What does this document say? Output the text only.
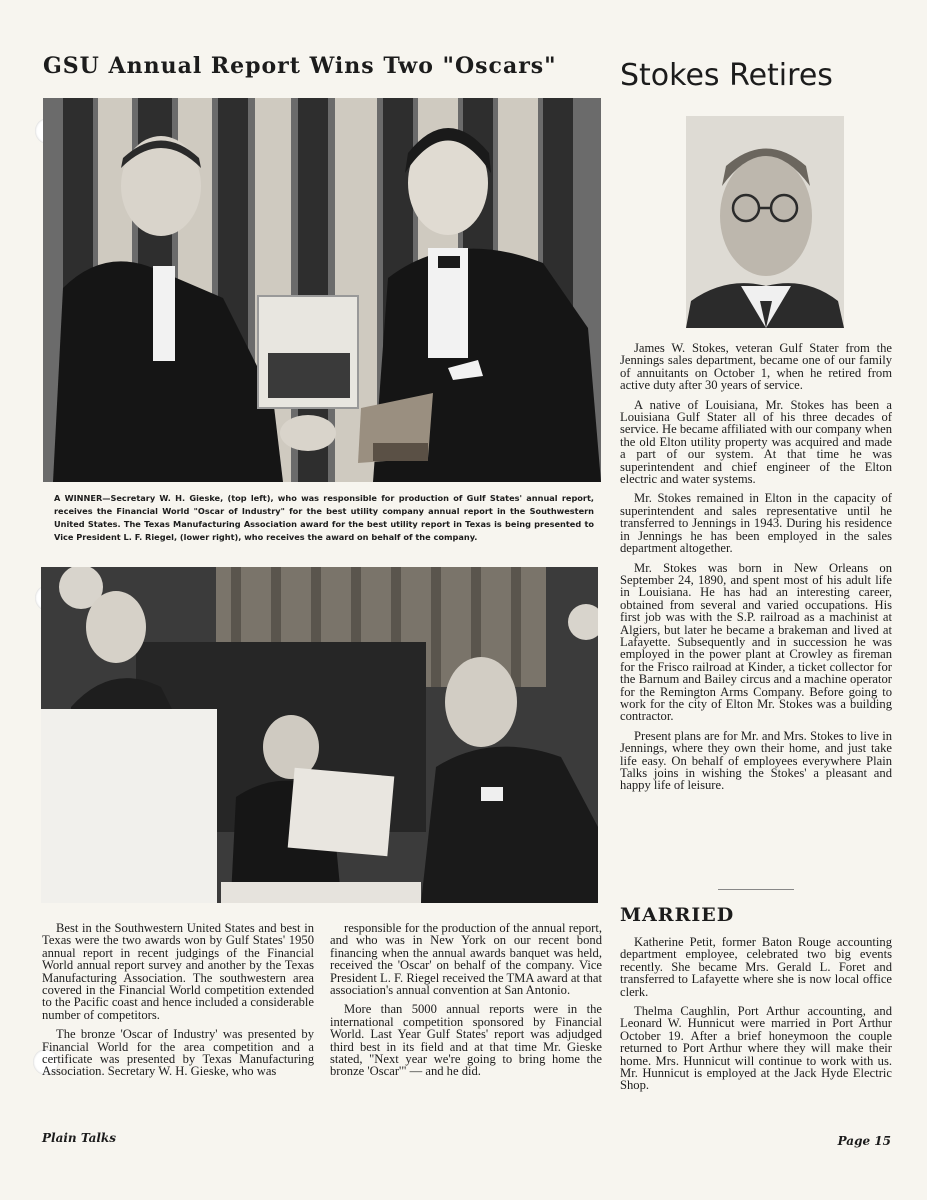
GSU Annual Report Wins Two "Oscars"	Stokes Retires

A WINNER—Secretary W. H. Gieske, (top left), who was responsible for production of Gulf States' annual report, receives the Financial World "Oscar of Industry" for the best utility company annual report in the Southwestern United States. The Texas Manufacturing Association award for the best utility report in Texas is being presented to Vice President L. F. Riegel, (lower right), who receives the award on behalf of the company.

Best in the Southwestern United States and best in Texas were the two awards won by Gulf States' 1950 annual report in recent judgings of the Financial World annual report survey and another by the Texas Manufacturing Association. The southwestern area covered in the Financial World competition extended to the Pacific coast and hence included a considerable number of competitors.

The bronze 'Oscar of Industry' was presented by Financial World for the area competition and a certificate was presented by Texas Manufacturing Association. Secretary W. H. Gieske, who was

responsible for the production of the annual report, and who was in New York on our recent bond financing when the annual awards banquet was held, received the 'Oscar' on behalf of the company. Vice President L. F. Riegel received the TMA award at that association's annual convention at San Antonio.

More than 5000 annual reports were in the international competition sponsored by Financial World. Last Year Gulf States' report was adjudged third best in its field and at that time Mr. Gieske stated, "Next year we're going to bring home the bronze 'Oscar'" — and he did.

James W. Stokes, veteran Gulf Stater from the Jennings sales department, became one of our family of annuitants on October 1, when he retired from active duty after 30 years of service.

A native of Louisiana, Mr. Stokes has been a Louisiana Gulf Stater all of his three decades of service. He became affiliated with our company when the old Elton utility property was acquired and made a part of our system. At that time he was superintendent and chief engineer of the Elton electric and water systems.

Mr. Stokes remained in Elton in the capacity of superintendent and sales representative until he transferred to Jennings in 1943. During his residence in Jennings he has been employed in the sales department altogether.

Mr. Stokes was born in New Orleans on September 24, 1890, and spent most of his adult life in Louisiana. He has had an interesting career, obtained from several and varied occupations. His first job was with the S.P. railroad as a machinist at Algiers, but later he became a brakeman and lived at Lafayette. Subsequently and in succession he was employed in the power plant at Crowley as fireman for the Frisco railroad at Kinder, a ticket collector for the Barnum and Bailey circus and a machine operator for the Remington Arms Company. Before going to work for the city of Elton Mr. Stokes was a building contractor.

Present plans are for Mr. and Mrs. Stokes to live in Jennings, where they own their home, and just take life easy. On behalf of employees everywhere Plain Talks joins in wishing the Stokes' a pleasant and happy life of leisure.

MARRIED

Katherine Petit, former Baton Rouge accounting department employee, celebrated two big events recently. She became Mrs. Gerald L. Foret and transferred to Lafayette where she is now local office clerk.

Thelma Caughlin, Port Arthur accounting, and Leonard W. Hunnicut were married in Port Arthur October 19. After a brief honeymoon the couple returned to Port Arthur where they will make their home. Mrs. Hunnicut will continue to work with us. Mr. Hunnicut is employed at the Jack Hyde Electric Shop.

Plain Talks	Page 15
